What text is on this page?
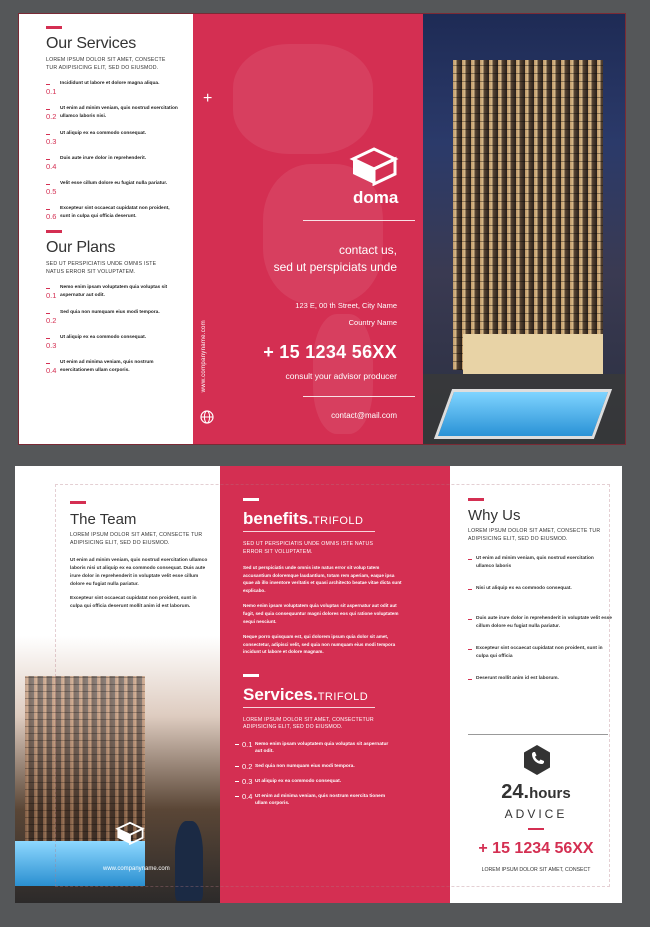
Our Services
LOREM IPSUM DOLOR SIT AMET, CONSECTE TUR ADIPISICING ELIT, SED DO EIUSMOD.
0.1
Incididunt ut labore et dolore magna aliqua.
0.2
Ut enim ad minim veniam, quis nostrud exercitation ullamco laboris nisi.
0.3
Ut aliquip ex ea commodo consequat.
0.4
Duis aute irure dolor in reprehenderit.
0.5
Velit esse cillum dolore eu fugiat nulla pariatur.
0.6
Excepteur sint occaecat cupidatat non proident, sunt in culpa qui officia deserunt.
Our Plans
SED UT PERSPICIATIS UNDE OMNIS ISTE NATUS ERROR SIT VOLUPTATEM.
0.1
Nemo enim ipsam voluptatem quia voluptas sit aspernatur aut odit.
0.2
Sed quia non numquam eius modi tempora.
0.3
Ut aliquip ex ea commodo consequat.
0.4
Ut enim ad minima veniam, quis nostrum exercitationem ullam corporis.
+
doma
contact us,
sed ut perspiciats unde
123 E, 00 th Street, City Name
Country Name
+ 15 1234 56XX
consult your advisor producer
contact@mail.com
www.companyname.com
www.companyname.com
The Team
LOREM IPSUM DOLOR SIT AMET, CONSECTE TUR ADIPISICING ELIT, SED DO EIUSMOD.
Ut enim ad minim veniam, quis nostrud exercitation ullamco laboris nisi ut aliquip ex ea commodo consequat. Duis aute irure dolor in reprehenderit in voluptate velit esse cillum dolore eu fugiat nulla pariatur.
Excepteur sint occaecat cupidatat non proident, sunt in culpa qui officia deserunt mollit anim id est laborum.
benefits.TRIFOLD
SED UT PERSPICIATIS UNDE OMNIS ISTE NATUS ERROR SIT VOLUPTATEM.
Sed ut perspiciatis unde omnis iste natus error sit volup tatem accusantium doloremque laudantium, totam rem aperiam, eaque ipsa quae ab illo inventore veritatis et quasi architecto beatae vitae dicta sunt explicabo.
Nemo enim ipsam voluptatem quia voluptas sit aspernatur aut odit aut fugit, sed quia consequuntur magni dolores eos qui ratione voluptatem sequi nesciunt.
Neque porro quisquam est, qui dolorem ipsum quia dolor sit amet, consectetur, adipisci velit, sed quia non numquam eius modi tempora incidunt ut labore et dolore magnam.
Services.TRIFOLD
LOREM IPSUM DOLOR SIT AMET, CONSECTETUR ADIPISICING ELIT, SED DO EIUSMOD.
0.1 Nemo enim ipsam voluptatem quia voluptas sit aspernatur aut odit.
0.2 Sed quia non numquam eius modi tempora.
0.3 Ut aliquip ex ea commodo consequat.
0.4 Ut enim ad minima veniam, quis nostrum exercita tionem ullam corporis.
Why Us
LOREM IPSUM DOLOR SIT AMET, CONSECTE TUR ADIPISICING ELIT, SED DO EIUSMOD.
Ut enim ad minim veniam, quis nostrud exercitation ullamco laboris
Nisi ut aliquip ex ea commodo consequat.
Duis aute irure dolor in reprehenderit in voluptate velit esse cillum dolore eu fugiat nulla pariatur.
Excepteur sint occaecat cupidatat non proident, sunt in culpa qui officia
Deserunt mollit anim id est laborum.
24.hours
ADVICE
+ 15 1234 56XX
LOREM IPSUM DOLOR SIT AMET, CONSECT
